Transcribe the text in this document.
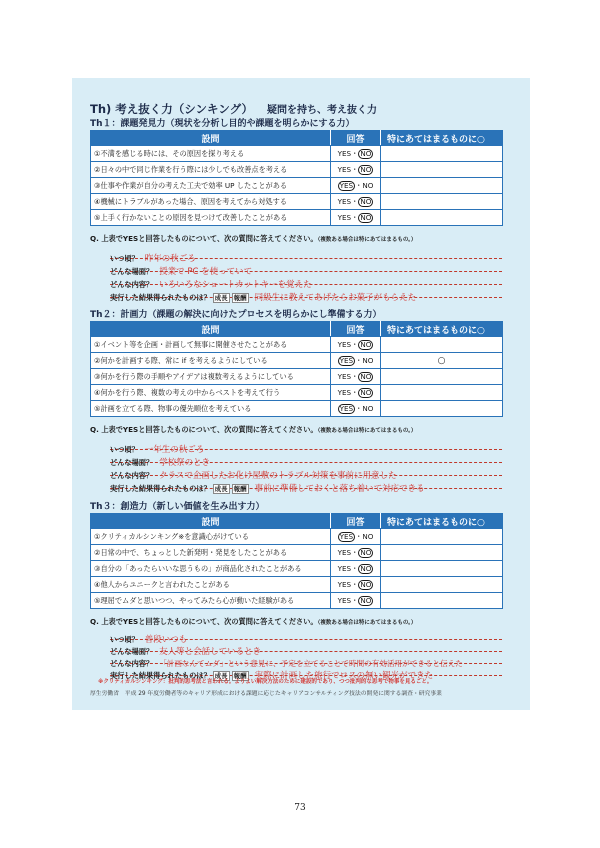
Th) 考え抜く力（シンキング） 疑問を持ち、考え抜く力
Th１：課題発見力（現状を分析し目的や課題を明らかにする力）
設問	回答	特にあてはまるものに○
①不満を感じる時には、その原因を探り考える	YES・ NO	
②日々の中で同じ作業を行う際には少しでも改善点を考える	YES・ NO	
③仕事や作業が自分の考えた工夫で効率 UP したことがある	YES ・NO	
④機械にトラブルがあった場合、原因を考えてから対処する	YES・ NO	
⑤上手く行かないことの原因を見つけて改善したことがある	YES・ NO	
Q. 上表でYESと回答したものについて、次の質問に答えてください。（複数ある場合は特にあてはまるもの。）
いつ頃？ 昨年の秋ごろ
どんな場面？ 授業で PC を使っていて
どんな内容？ いろいろなショートカットキーを覚えた
実行した結果得られたものは？ 成長 報酬 同級生に教えてあげたらお菓子がもらえた
Th２：計画力（課題の解決に向けたプロセスを明らかにし準備する力）
設問	回答	特にあてはまるものに○
①イベント等を企画・計画して無事に開催させたことがある	YES・ NO	
②何かを計画する際、常に if を考えるようにしている	YES ・NO	○
③何かを行う際の手順やアイデアは複数考えるようにしている	YES・ NO	
④何かを行う際、複数の考えの中からベストを考えて行う	YES・ NO	
⑤計画を立てる際、物事の優先順位を考えている	YES ・NO	
Q. 上表でYESと回答したものについて、次の質問に答えてください。（複数ある場合は特にあてはまるもの。）
いつ頃？ 一年生の秋ごろ
どんな場面？ 学校祭のとき
どんな内容？ クラスで企画したお化け屋敷のトラブル対策を事前に用意した
実行した結果得られたものは？ 成長 報酬 事前に準備しておくと落ち着いて対応できる
Th３：創造力（新しい価値を生み出す力）
設問	回答	特にあてはまるものに○
①クリティカルシンキング※を意識心がけている	YES ・NO	
②日常の中で、ちょっとした新発明・発見をしたことがある	YES・ NO	
③自分の「あったらいいな思うもの」が商品化されたことがある	YES・ NO	
④他人からユニークと言われたことがある	YES・ NO	
⑤理屈でムダと思いつつ、やってみたら心が動いた経験がある	YES・ NO	
Q. 上表でYESと回答したものについて、次の質問に答えてください。（複数ある場合は特にあてはまるもの。）
いつ頃？ 普段いつも
どんな場面？ 友人等と会話しているとき
どんな内容？ 「計画なんてムダ」という意見に、予定を立てることで時間の有効活用ができると伝えた
実行した結果得られたものは？ 成長 報酬 実際に計画した旅行でロスの無い観光ができた
※クリティカルシンキング：批判的思考法と言われる。よりよい解決方法のために建設的であり、つつ批判的な思考で物事を見ること。
厚生労働省　平成 29 年度労働者等のキャリア形成における課題に応じたキャリアコンサルティング技法の開発に関する調査・研究事業
73
